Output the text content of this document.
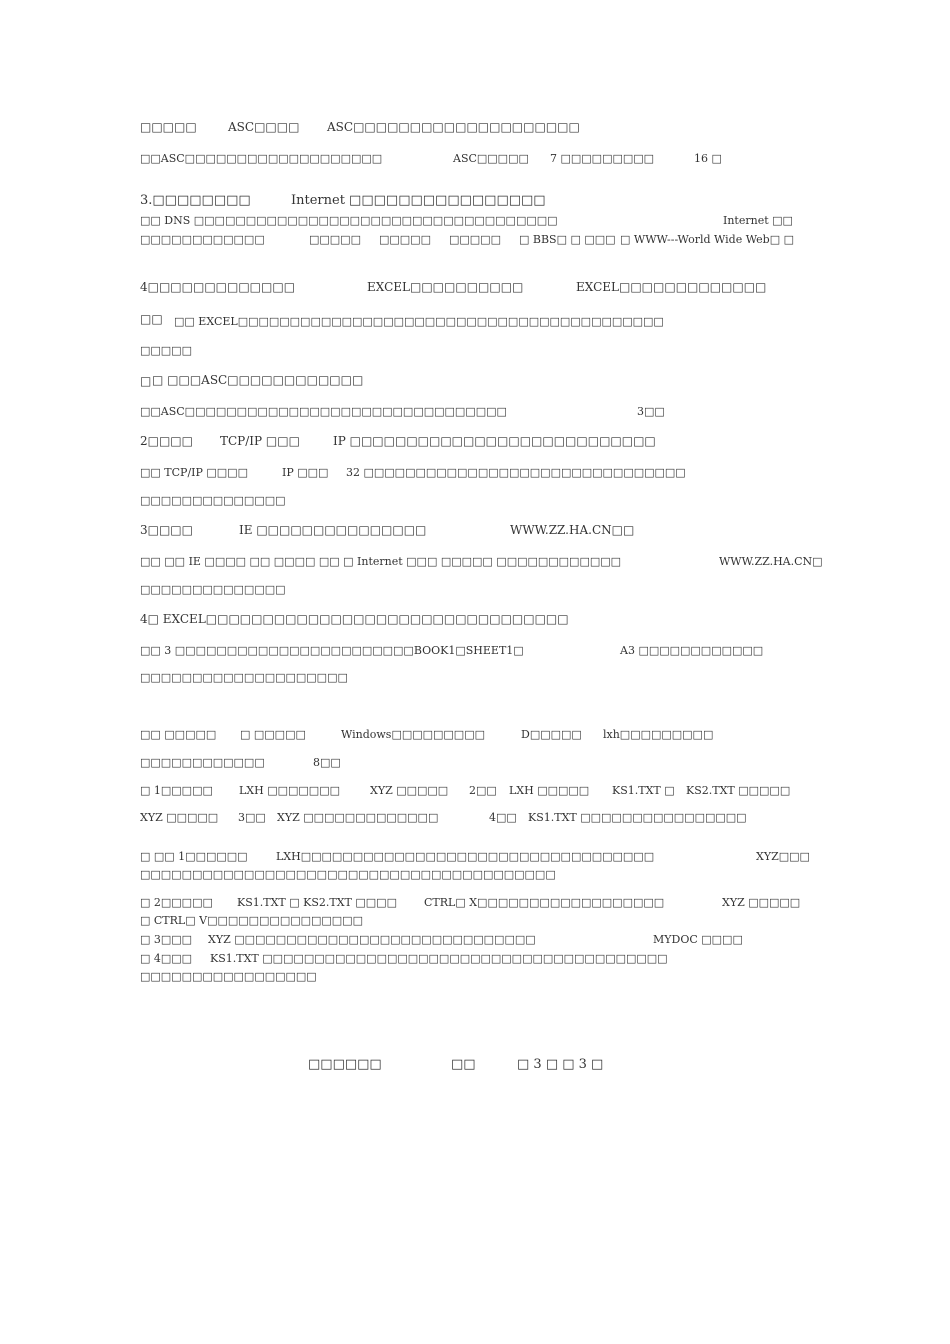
□□□□□	ASC□□□□ ASC□□□□□□□□□□□□□□□□□□□□
□□ASC□□□□□□□□□□□□□□□□□□□	ASC□□□□□ 7 □□□□□□□□□	16 □
3.□□□□□□□□	Internet □□□□□□□□□□□□□□□□
□□ DNS □□□□□□□□□□□□□□□□□□□□□□□□□□□□□□□□□□□	Internet □□
□□□□□□□□□□□□	□□□□□ □□□□□ □□□□□ □ BBS□ □ □□□ □ WWW---World Wide Web□ □
4□□□□□□□□□□□□□	EXCEL□□□□□□□□□□	EXCEL□□□□□□□□□□□□□
□□ □□ EXCEL□□□□□□□□□□□□□□□□□□□□□□□□□□□□□□□□□□□□□□□□□
□□□□□
□ □ □□□ASC□□□□□□□□□□□□
□□ASC□□□□□□□□□□□□□□□□□□□□□□□□□□□□□□□	3□□
2□□□□ TCP/IP □□□	IP □□□□□□□□□□□□□□□□□□□□□□□□□□□
□□ TCP/IP □□□□	IP □□□ 32 □□□□□□□□□□□□□□□□□□□□□□□□□□□□□□□
□□□□□□□□□□□□□□
3□□□□	IE □□□□□□□□□□□□□□□	WWW.ZZ.HA.CN□□
□□ □□ IE □□□□ □□ □□□□ □□ □ Internet □□□ □□□□□ □□□□□□□□□□□□	WWW.ZZ.HA.CN□
□□□□□□□□□□□□□□
4□ EXCEL□□□□□□□□□□□□□□□□□□□□□□□□□□□□□□□□
□□ 3 □□□□□□□□□□□□□□□□□□□□□□□BOOK1□SHEET1□	A3 □□□□□□□□□□□□
□□□□□□□□□□□□□□□□□□□□
□□ □□□□□ □ □□□□□	Windows□□□□□□□□□	D□□□□□ lxh□□□□□□□□□
□□□□□□□□□□□□	8□□
□ 1□□□□□ LXH □□□□□□□	XYZ □□□□□ 2□□ LXH □□□□□ KS1.TXT □ KS2.TXT □□□□□
XYZ □□□□□ 3□□ XYZ □□□□□□□□□□□□□	4□□ KS1.TXT □□□□□□□□□□□□□□□□
□ □□ 1□□□□□□	LXH□□□□□□□□□□□□□□□□□□□□□□□□□□□□□□□□□□	XYZ□□□
□□□□□□□□□□□□□□□□□□□□□□□□□□□□□□□□□□□□□□□□
□ 2□□□□□ KS1.TXT □ KS2.TXT □□□□ CTRL□ X□□□□□□□□□□□□□□□□□□	XYZ □□□□□
□ CTRL□ V□□□□□□□□□□□□□□□
□ 3□□□ XYZ □□□□□□□□□□□□□□□□□□□□□□□□□□□□□	MYDOC □□□□
□ 4□□□ KS1.TXT □□□□□□□□□□□□□□□□□□□□□□□□□□□□□□□□□□□□□□□
□□□□□□□□□□□□□□□□□
□□□□□□	□□	□ 3 □ □ 3 □
